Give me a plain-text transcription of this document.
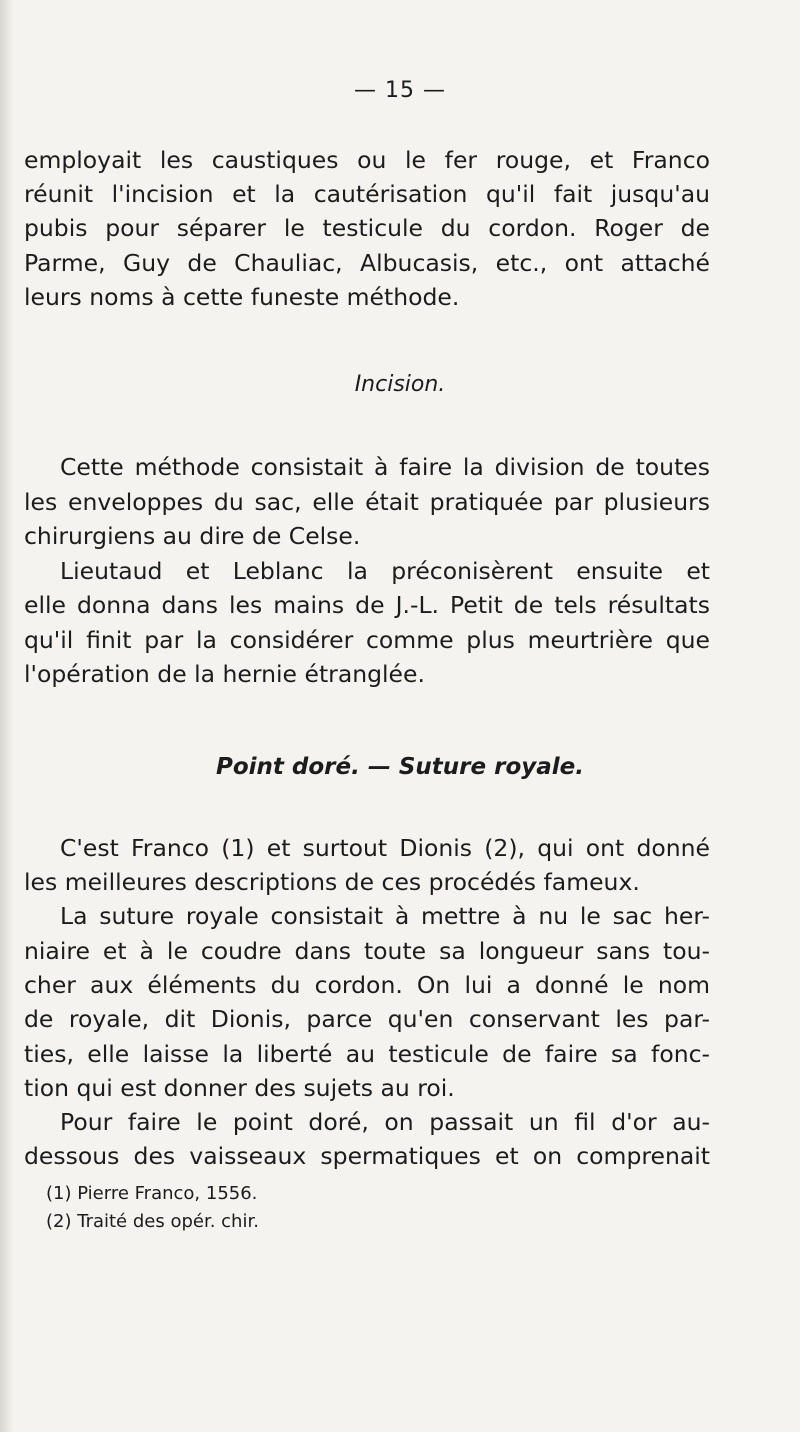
— 15 —
employait les caustiques ou le fer rouge, et Franco
réunit l'incision et la cautérisation qu'il fait jusqu'au
pubis pour séparer le testicule du cordon. Roger de
Parme, Guy de Chauliac, Albucasis, etc., ont attaché
leurs noms à cette funeste méthode.
Incision.
Cette méthode consistait à faire la division de toutes
les enveloppes du sac, elle était pratiquée par plusieurs
chirurgiens au dire de Celse.
Lieutaud et Leblanc la préconisèrent ensuite et
elle donna dans les mains de J.-L. Petit de tels résultats
qu'il finit par la considérer comme plus meurtrière que
l'opération de la hernie étranglée.
Point doré. — Suture royale.
C'est Franco (1) et surtout Dionis (2), qui ont donné
les meilleures descriptions de ces procédés fameux.
La suture royale consistait à mettre à nu le sac her-
niaire et à le coudre dans toute sa longueur sans tou-
cher aux éléments du cordon. On lui a donné le nom
de royale, dit Dionis, parce qu'en conservant les par-
ties, elle laisse la liberté au testicule de faire sa fonc-
tion qui est donner des sujets au roi.
Pour faire le point doré, on passait un fil d'or au-
dessous des vaisseaux spermatiques et on comprenait
(1) Pierre Franco, 1556.
(2) Traité des opér. chir.
